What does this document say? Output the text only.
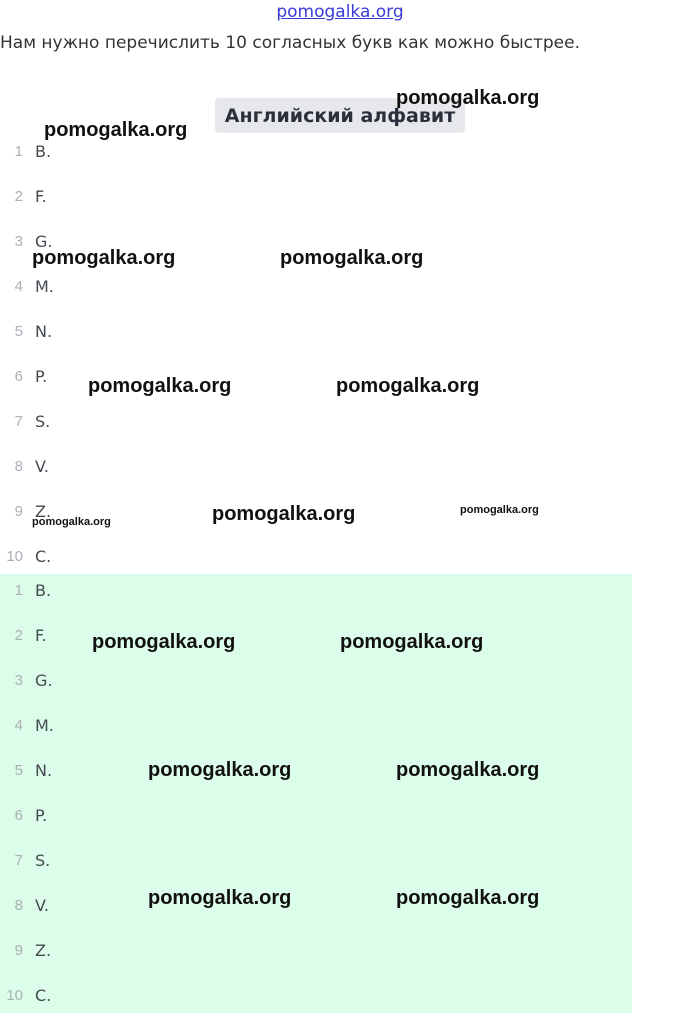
pomogalka.org
Нам нужно перечислить 10 согласных букв как можно быстрее.
Английский алфавит
1 B.
2 F.
3 G.
4 M.
5 N.
6 P.
7 S.
8 V.
9 Z.
10 C.
1 B.
2 F.
3 G.
4 M.
5 N.
6 P.
7 S.
8 V.
9 Z.
10 C.
pomogalka.org
pomogalka.org
pomogalka.org	pomogalka.org
pomogalka.org	pomogalka.org
pomogalka.org
pomogalka.org
pomogalka.org
pomogalka.org	pomogalka.org
pomogalka.org	pomogalka.org
pomogalka.org	pomogalka.org
